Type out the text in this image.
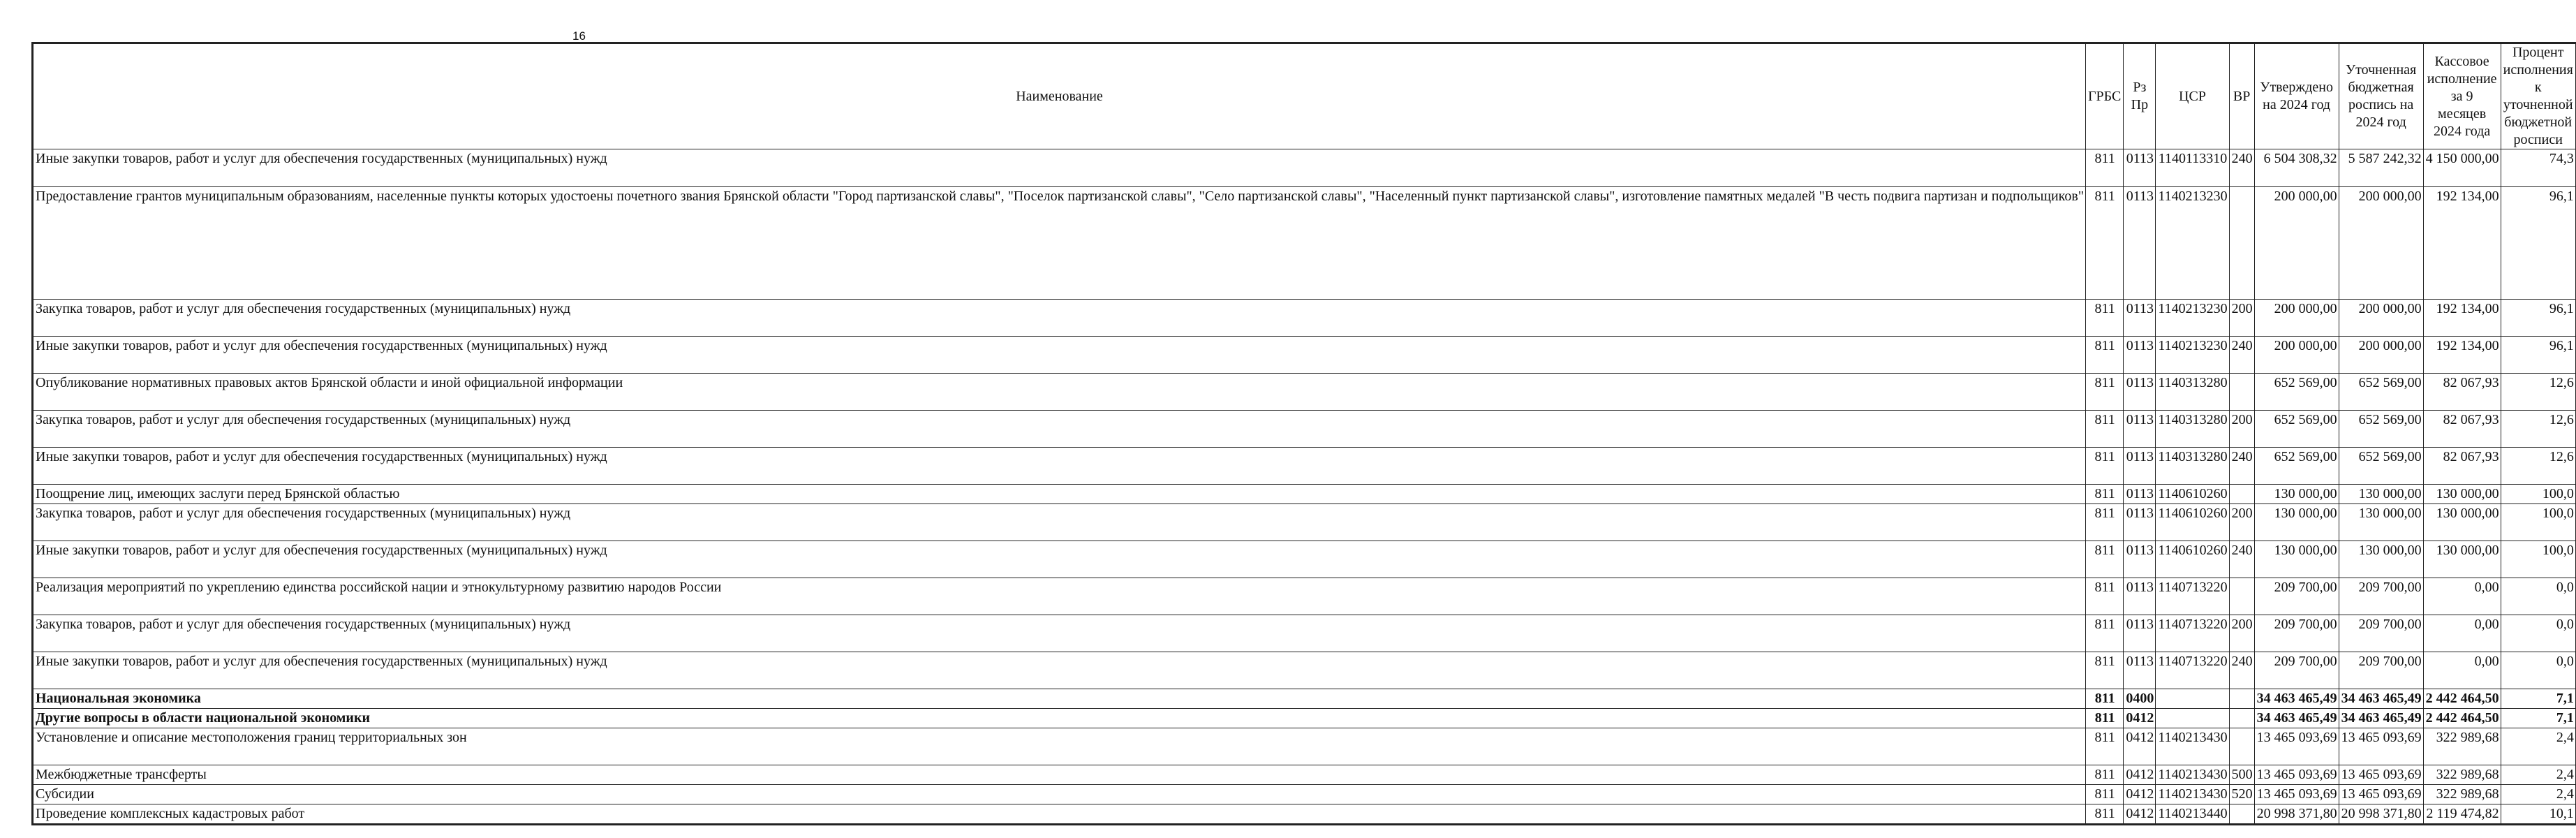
16
Наименование	ГРБС	Рз Пр	ЦСР	ВР	Утверждено на 2024 год	Уточненная бюджетная роспись на 2024 год	Кассовое исполнение за 9 месяцев 2024 года	Процент исполнения к уточненной бюджетной росписи
Иные закупки товаров, работ и услуг для обеспечения государственных (муниципальных) нужд	811	0113	1140113310	240	6 504 308,32	5 587 242,32	4 150 000,00	74,3
Предоставление грантов муниципальным образованиям, населенные пункты которых удостоены почетного звания Брянской области "Город партизанской славы", "Поселок партизанской славы", "Село партизанской славы", "Населенный пункт партизанской славы", изготовление памятных медалей "В честь подвига партизан и подпольщиков"	811	0113	1140213230		200 000,00	200 000,00	192 134,00	96,1
Закупка товаров, работ и услуг для обеспечения государственных (муниципальных) нужд	811	0113	1140213230	200	200 000,00	200 000,00	192 134,00	96,1
Иные закупки товаров, работ и услуг для обеспечения государственных (муниципальных) нужд	811	0113	1140213230	240	200 000,00	200 000,00	192 134,00	96,1
Опубликование нормативных правовых актов Брянской области и иной официальной информации	811	0113	1140313280		652 569,00	652 569,00	82 067,93	12,6
Закупка товаров, работ и услуг для обеспечения государственных (муниципальных) нужд	811	0113	1140313280	200	652 569,00	652 569,00	82 067,93	12,6
Иные закупки товаров, работ и услуг для обеспечения государственных (муниципальных) нужд	811	0113	1140313280	240	652 569,00	652 569,00	82 067,93	12,6
Поощрение лиц, имеющих заслуги перед Брянской областью	811	0113	1140610260		130 000,00	130 000,00	130 000,00	100,0
Закупка товаров, работ и услуг для обеспечения государственных (муниципальных) нужд	811	0113	1140610260	200	130 000,00	130 000,00	130 000,00	100,0
Иные закупки товаров, работ и услуг для обеспечения государственных (муниципальных) нужд	811	0113	1140610260	240	130 000,00	130 000,00	130 000,00	100,0
Реализация мероприятий по укреплению единства российской нации и этнокультурному развитию народов России	811	0113	1140713220		209 700,00	209 700,00	0,00	0,0
Закупка товаров, работ и услуг для обеспечения государственных (муниципальных) нужд	811	0113	1140713220	200	209 700,00	209 700,00	0,00	0,0
Иные закупки товаров, работ и услуг для обеспечения государственных (муниципальных) нужд	811	0113	1140713220	240	209 700,00	209 700,00	0,00	0,0
Национальная экономика	811	0400			34 463 465,49	34 463 465,49	2 442 464,50	7,1
Другие вопросы в области национальной экономики	811	0412			34 463 465,49	34 463 465,49	2 442 464,50	7,1
Установление и описание местоположения границ территориальных зон	811	0412	1140213430		13 465 093,69	13 465 093,69	322 989,68	2,4
Межбюджетные трансферты	811	0412	1140213430	500	13 465 093,69	13 465 093,69	322 989,68	2,4
Субсидии	811	0412	1140213430	520	13 465 093,69	13 465 093,69	322 989,68	2,4
Проведение комплексных кадастровых работ	811	0412	1140213440		20 998 371,80	20 998 371,80	2 119 474,82	10,1
